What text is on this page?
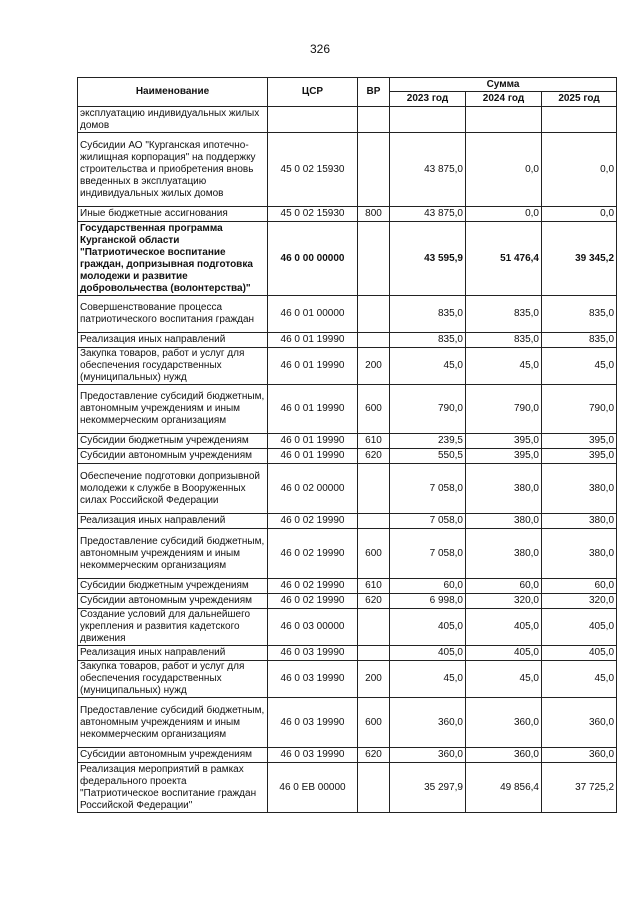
326
Наименование	ЦСР	ВР	Сумма		
			2023 год	2024 год	2025 год
эксплуатацию индивидуальных жилых домов					
Субсидии АО "Курганская ипотечно-жилищная корпорация" на поддержку строительства и приобретения вновь введенных в эксплуатацию индивидуальных жилых домов	45 0 02 15930		43 875,0	0,0	0,0
Иные бюджетные ассигнования	45 0 02 15930	800	43 875,0	0,0	0,0
Государственная программа Курганской области "Патриотическое воспитание граждан, допризывная подготовка молодежи и развитие добровольчества (волонтерства)"	46 0 00 00000		43 595,9	51 476,4	39 345,2
Совершенствование процесса патриотического воспитания граждан	46 0 01 00000		835,0	835,0	835,0
Реализация иных направлений	46 0 01 19990		835,0	835,0	835,0
Закупка товаров, работ и услуг для обеспечения государственных (муниципальных) нужд	46 0 01 19990	200	45,0	45,0	45,0
Предоставление субсидий бюджетным, автономным учреждениям и иным некоммерческим организациям	46 0 01 19990	600	790,0	790,0	790,0
Субсидии бюджетным учреждениям	46 0 01 19990	610	239,5	395,0	395,0
Субсидии автономным учреждениям	46 0 01 19990	620	550,5	395,0	395,0
Обеспечение подготовки допризывной молодежи к службе в Вооруженных силах Российской Федерации	46 0 02 00000		7 058,0	380,0	380,0
Реализация иных направлений	46 0 02 19990		7 058,0	380,0	380,0
Предоставление субсидий бюджетным, автономным учреждениям и иным некоммерческим организациям	46 0 02 19990	600	7 058,0	380,0	380,0
Субсидии бюджетным учреждениям	46 0 02 19990	610	60,0	60,0	60,0
Субсидии автономным учреждениям	46 0 02 19990	620	6 998,0	320,0	320,0
Создание условий для дальнейшего укрепления и развития кадетского движения	46 0 03 00000		405,0	405,0	405,0
Реализация иных направлений	46 0 03 19990		405,0	405,0	405,0
Закупка товаров, работ и услуг для обеспечения государственных (муниципальных) нужд	46 0 03 19990	200	45,0	45,0	45,0
Предоставление субсидий бюджетным, автономным учреждениям и иным некоммерческим организациям	46 0 03 19990	600	360,0	360,0	360,0
Субсидии автономным учреждениям	46 0 03 19990	620	360,0	360,0	360,0
Реализация мероприятий в рамках федерального проекта "Патриотическое воспитание граждан Российской Федерации"	46 0 ЕВ 00000		35 297,9	49 856,4	37 725,2
